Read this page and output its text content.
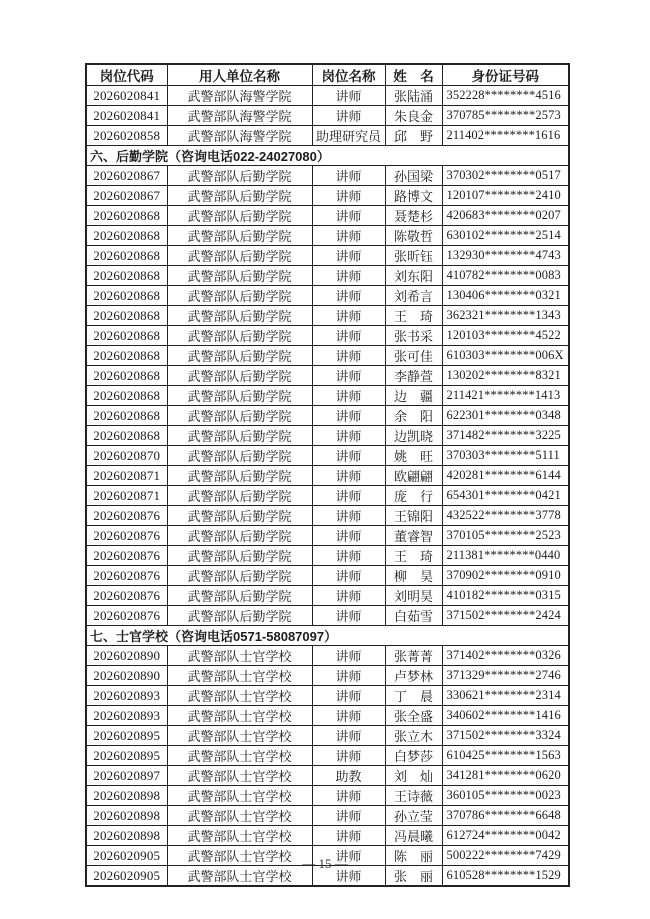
岗位代码	用人单位名称	岗位名称	姓　名	身份证号码
2026020841	武警部队海警学院	讲师	张陆涌	352228********4516
2026020841	武警部队海警学院	讲师	朱良金	370785********2573
2026020858	武警部队海警学院	助理研究员	邱　野	211402********1616
六、后勤学院（咨询电话022-24027080）				
2026020867	武警部队后勤学院	讲师	孙国梁	370302********0517
2026020867	武警部队后勤学院	讲师	路博文	120107********2410
2026020868	武警部队后勤学院	讲师	聂楚杉	420683********0207
2026020868	武警部队后勤学院	讲师	陈敬哲	630102********2514
2026020868	武警部队后勤学院	讲师	张昕钰	132930********4743
2026020868	武警部队后勤学院	讲师	刘东阳	410782********0083
2026020868	武警部队后勤学院	讲师	刘希言	130406********0321
2026020868	武警部队后勤学院	讲师	王　琦	362321********1343
2026020868	武警部队后勤学院	讲师	张书采	120103********4522
2026020868	武警部队后勤学院	讲师	张可佳	610303********006X
2026020868	武警部队后勤学院	讲师	李静萱	130202********8321
2026020868	武警部队后勤学院	讲师	边　疆	211421********1413
2026020868	武警部队后勤学院	讲师	余　阳	622301********0348
2026020868	武警部队后勤学院	讲师	边凯晓	371482********3225
2026020870	武警部队后勤学院	讲师	姚　旺	370303********5111
2026020871	武警部队后勤学院	讲师	欧翩翩	420281********6144
2026020871	武警部队后勤学院	讲师	庞　行	654301********0421
2026020876	武警部队后勤学院	讲师	王锦阳	432522********3778
2026020876	武警部队后勤学院	讲师	董睿智	370105********2523
2026020876	武警部队后勤学院	讲师	王　琦	211381********0440
2026020876	武警部队后勤学院	讲师	柳　昊	370902********0910
2026020876	武警部队后勤学院	讲师	刘明昊	410182********0315
2026020876	武警部队后勤学院	讲师	白茹雪	371502********2424
七、士官学校（咨询电话0571-58087097）				
2026020890	武警部队士官学校	讲师	张菁菁	371402********0326
2026020890	武警部队士官学校	讲师	卢梦林	371329********2746
2026020893	武警部队士官学校	讲师	丁　晨	330621********2314
2026020893	武警部队士官学校	讲师	张全盛	340602********1416
2026020895	武警部队士官学校	讲师	张立木	371502********3324
2026020895	武警部队士官学校	讲师	白梦莎	610425********1563
2026020897	武警部队士官学校	助教	刘　灿	341281********0620
2026020898	武警部队士官学校	讲师	王诗薇	360105********0023
2026020898	武警部队士官学校	讲师	孙立莹	370786********6648
2026020898	武警部队士官学校	讲师	冯晨曦	612724********0042
2026020905	武警部队士官学校	讲师	陈　丽	500222********7429
2026020905	武警部队士官学校	讲师	张　丽	610528********1529
— 15 —
